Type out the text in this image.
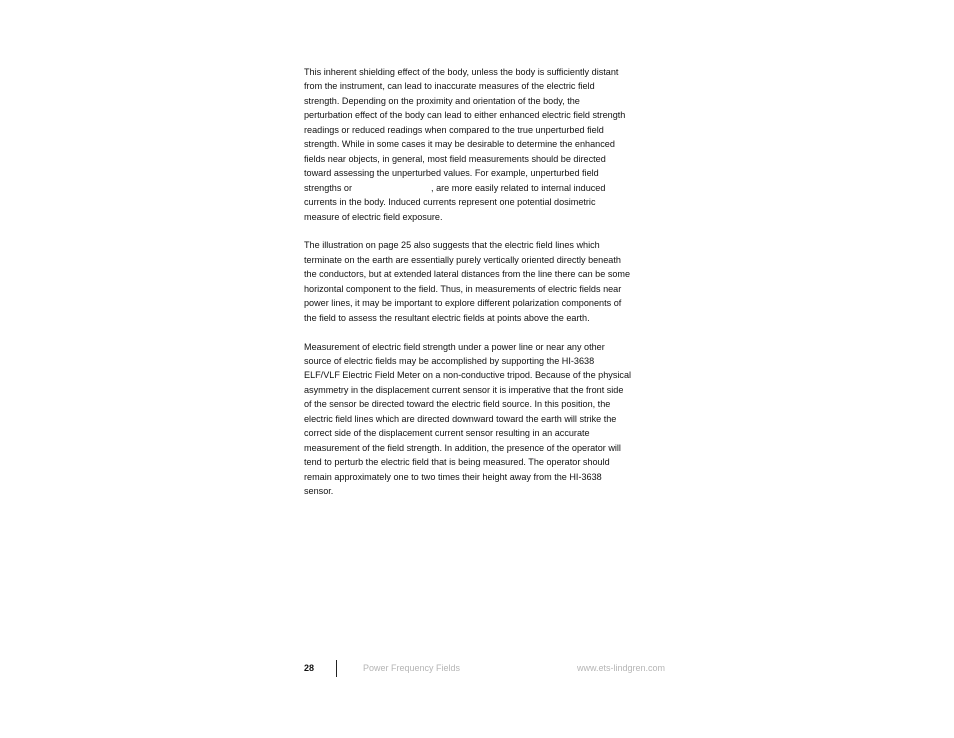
This inherent shielding effect of the body, unless the body is sufficiently distant
from the instrument, can lead to inaccurate measures of the electric field
strength. Depending on the proximity and orientation of the body, the
perturbation effect of the body can lead to either enhanced electric field strength
readings or reduced readings when compared to the true unperturbed field
strength. While in some cases it may be desirable to determine the enhanced
fields near objects, in general, most field measurements should be directed
toward assessing the unperturbed values. For example, unperturbed field
strengths or	, are more easily related to internal induced
currents in the body. Induced currents represent one potential dosimetric
measure of electric field exposure.

The illustration on page 25 also suggests that the electric field lines which
terminate on the earth are essentially purely vertically oriented directly beneath
the conductors, but at extended lateral distances from the line there can be some
horizontal component to the field. Thus, in measurements of electric fields near
power lines, it may be important to explore different polarization components of
the field to assess the resultant electric fields at points above the earth.

Measurement of electric field strength under a power line or near any other
source of electric fields may be accomplished by supporting the HI-3638
ELF/VLF Electric Field Meter on a non-conductive tripod. Because of the physical
asymmetry in the displacement current sensor it is imperative that the front side
of the sensor be directed toward the electric field source. In this position, the
electric field lines which are directed downward toward the earth will strike the
correct side of the displacement current sensor resulting in an accurate
measurement of the field strength. In addition, the presence of the operator will
tend to perturb the electric field that is being measured. The operator should
remain approximately one to two times their height away from the HI-3638
sensor.

28	Power Frequency Fields	www.ets-lindgren.com
